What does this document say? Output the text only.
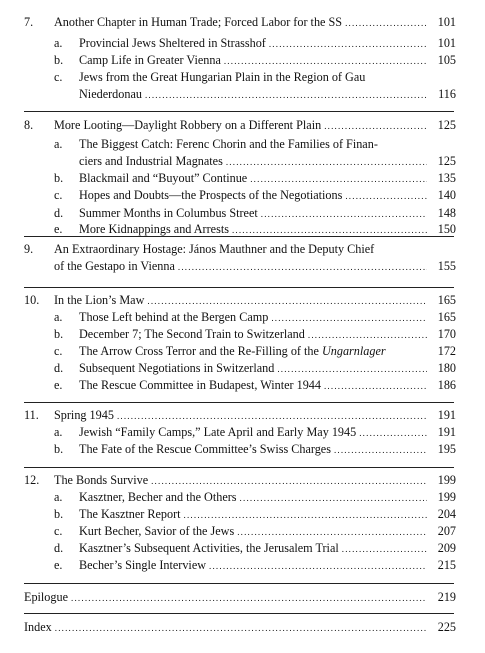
7. Another Chapter in Human Trade; Forced Labor for the SS .....	101
a. Provincial Jews Sheltered in Strasshof .....	101
b. Camp Life in Greater Vienna .....	105
c. Jews from the Great Hungarian Plain in the Region of Gau
Niederdonau .....	116
8. More Looting—Daylight Robbery on a Different Plain .....	125
a. The Biggest Catch: Ferenc Chorin and the Families of Finan-
ciers and Industrial Magnates .....	125
b. Blackmail and “Buyout” Continue .....	135
c. Hopes and Doubts—the Prospects of the Negotiations .....	140
d. Summer Months in Columbus Street .....	148
e. More Kidnappings and Arrests .....	150
9. An Extraordinary Hostage: János Mauthner and the Deputy Chief
of the Gestapo in Vienna .....	155
10. In the Lion’s Maw .....	165
a. Those Left behind at the Bergen Camp .....	165
b. December 7; The Second Train to Switzerland .....	170
c. The Arrow Cross Terror and the Re-Filling of the
Ungarnlager	172
d. Subsequent Negotiations in Switzerland .....	180
e. The Rescue Committee in Budapest, Winter 1944 .....	186
11. Spring 1945 .....	191
a. Jewish “Family Camps,” Late April and Early May 1945 .....	191
b. The Fate of the Rescue Committee’s Swiss Charges .....	195
12. The Bonds Survive .....	199
a. Kasztner, Becher and the Others .....	199
b. The Kasztner Report .....	204
c. Kurt Becher, Savior of the Jews .....	207
d. Kasztner’s Subsequent Activities, the Jerusalem Trial .....	209
e. Becher’s Single Interview .....	215
Epilogue .....	219
Index .....	225
